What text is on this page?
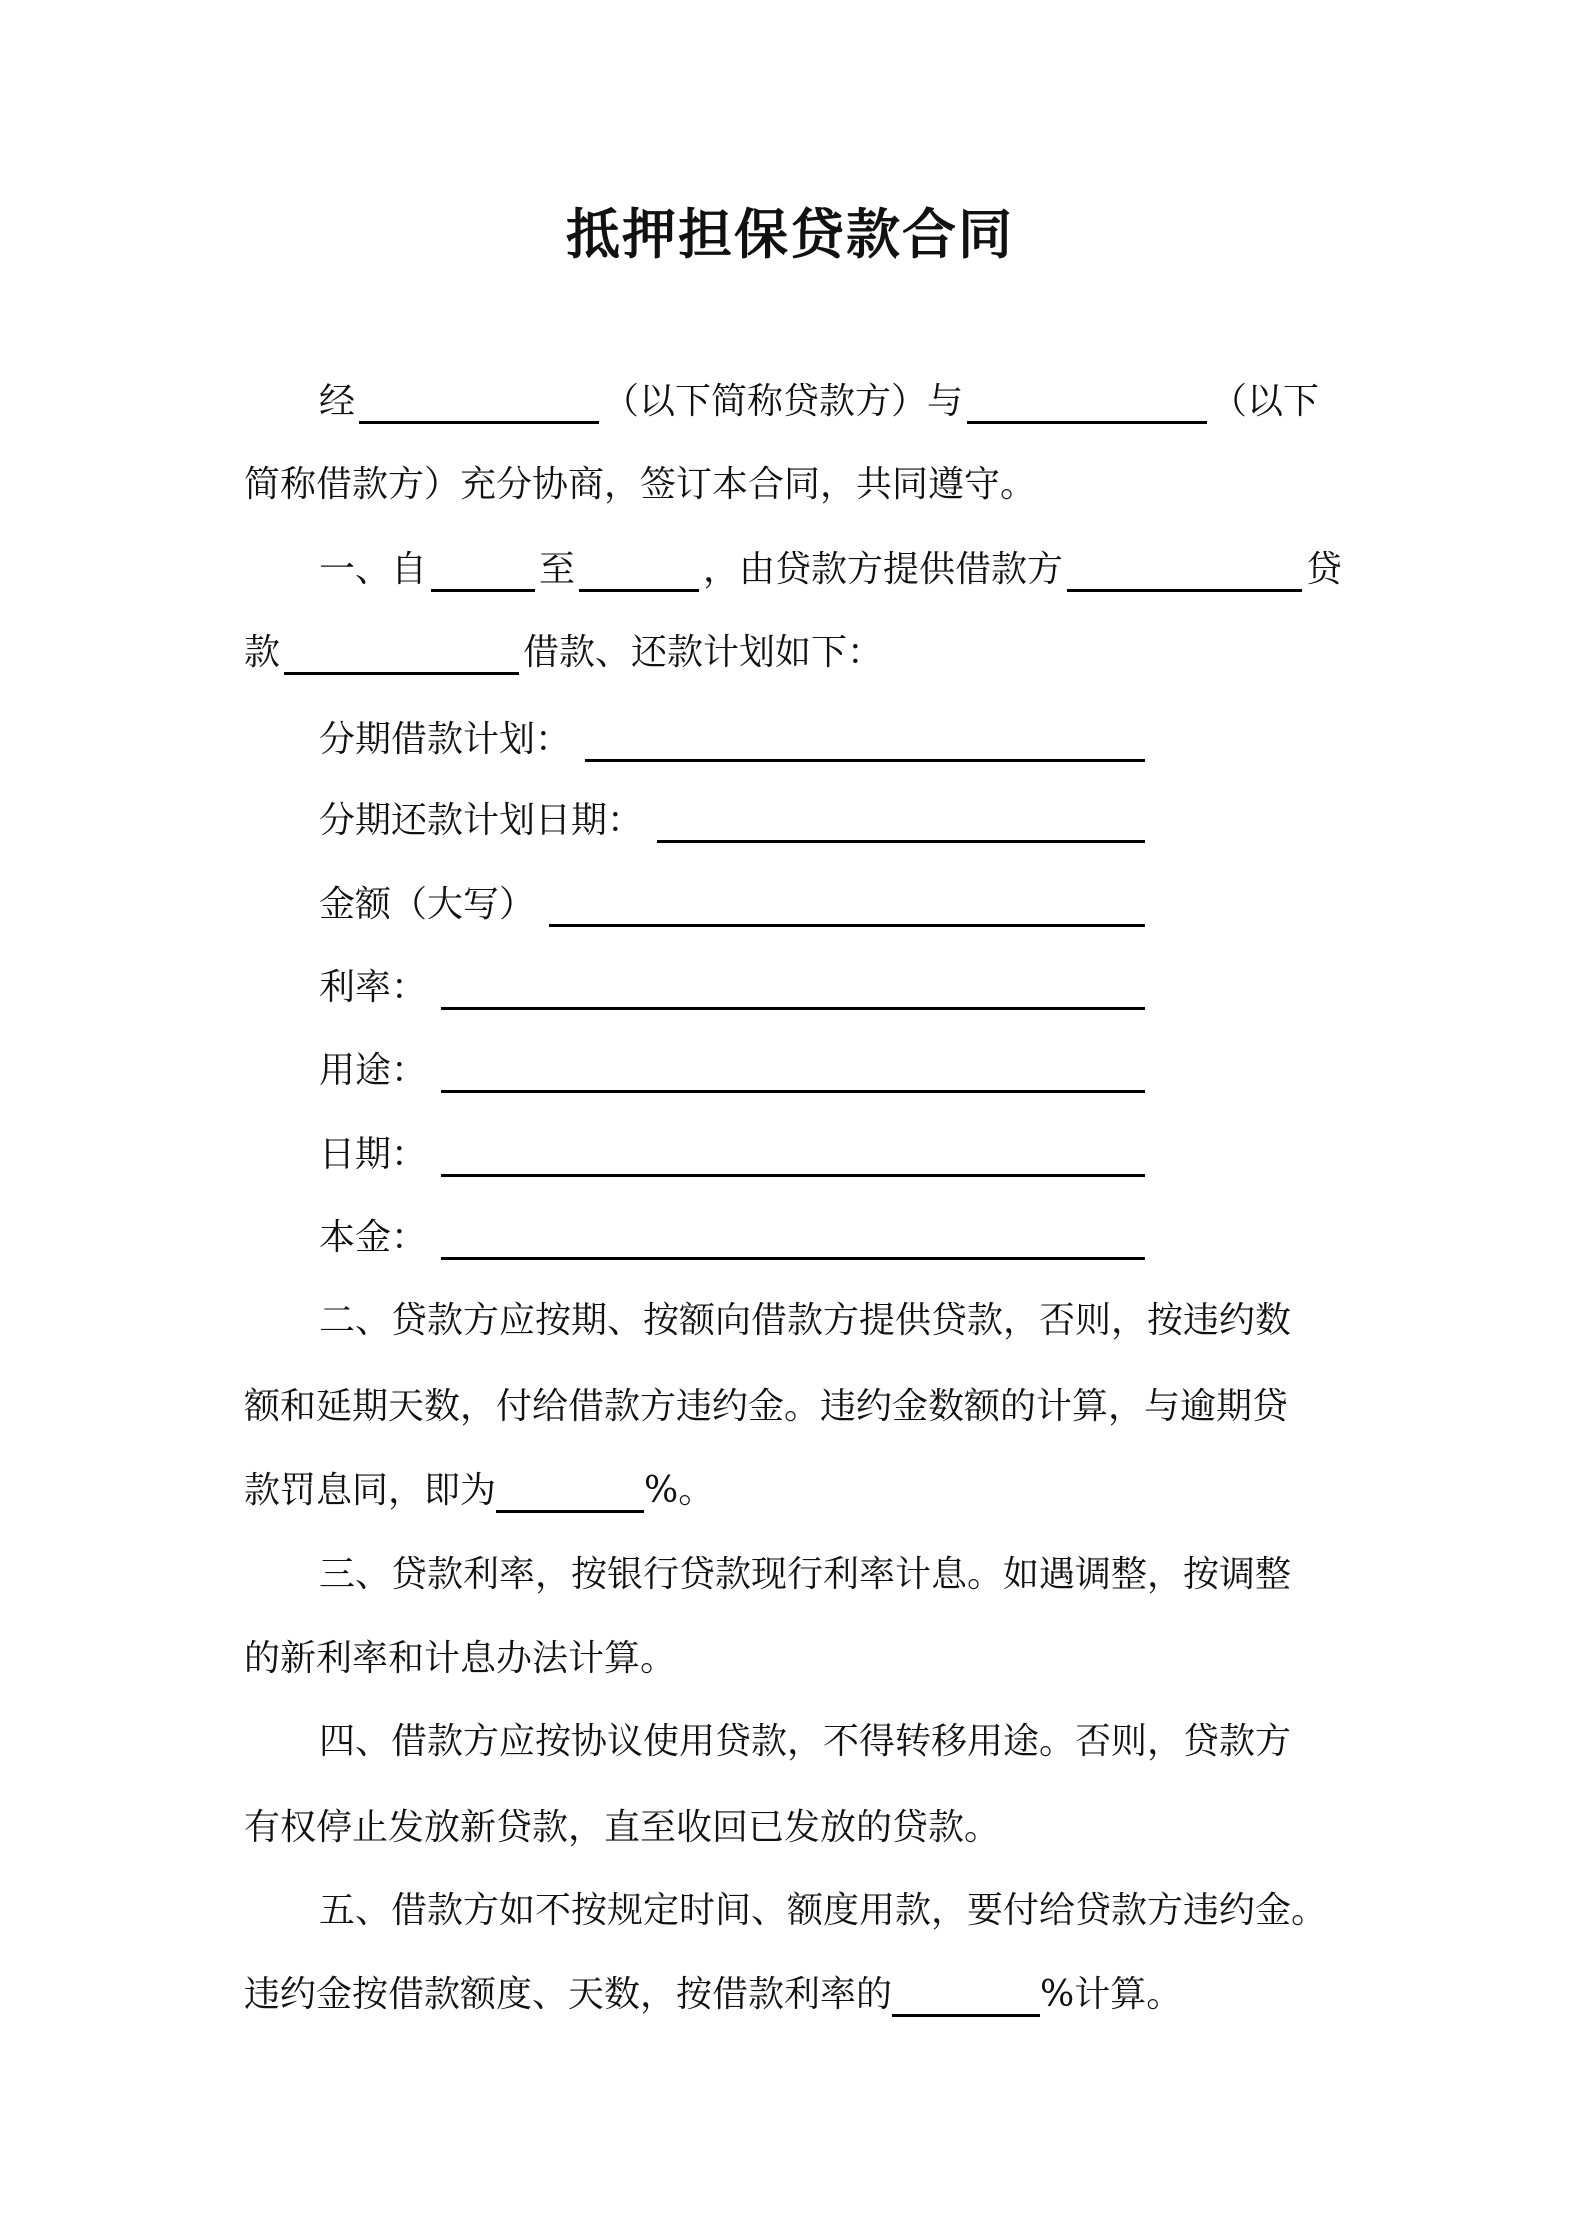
抵押担保贷款合同
经	（以下简称贷款方）与	（以下
简称借款方）充分协商，签订本合同，共同遵守。
一、自	至	，由贷款方提供借款方	贷
款	借款、还款计划如下：
分期借款计划：
分期还款计划日期：
金额（大写）
利率：
用途：
日期：
本金：
二、贷款方应按期、按额向借款方提供贷款，否则，按违约数
额和延期天数，付给借款方违约金。违约金数额的计算，与逾期贷
款罚息同，即为	%。
三、贷款利率，按银行贷款现行利率计息。如遇调整，按调整
的新利率和计息办法计算。
四、借款方应按协议使用贷款，不得转移用途。否则，贷款方
有权停止发放新贷款，直至收回已发放的贷款。
五、借款方如不按规定时间、额度用款，要付给贷款方违约金。
违约金按借款额度、天数，按借款利率的	%计算。
